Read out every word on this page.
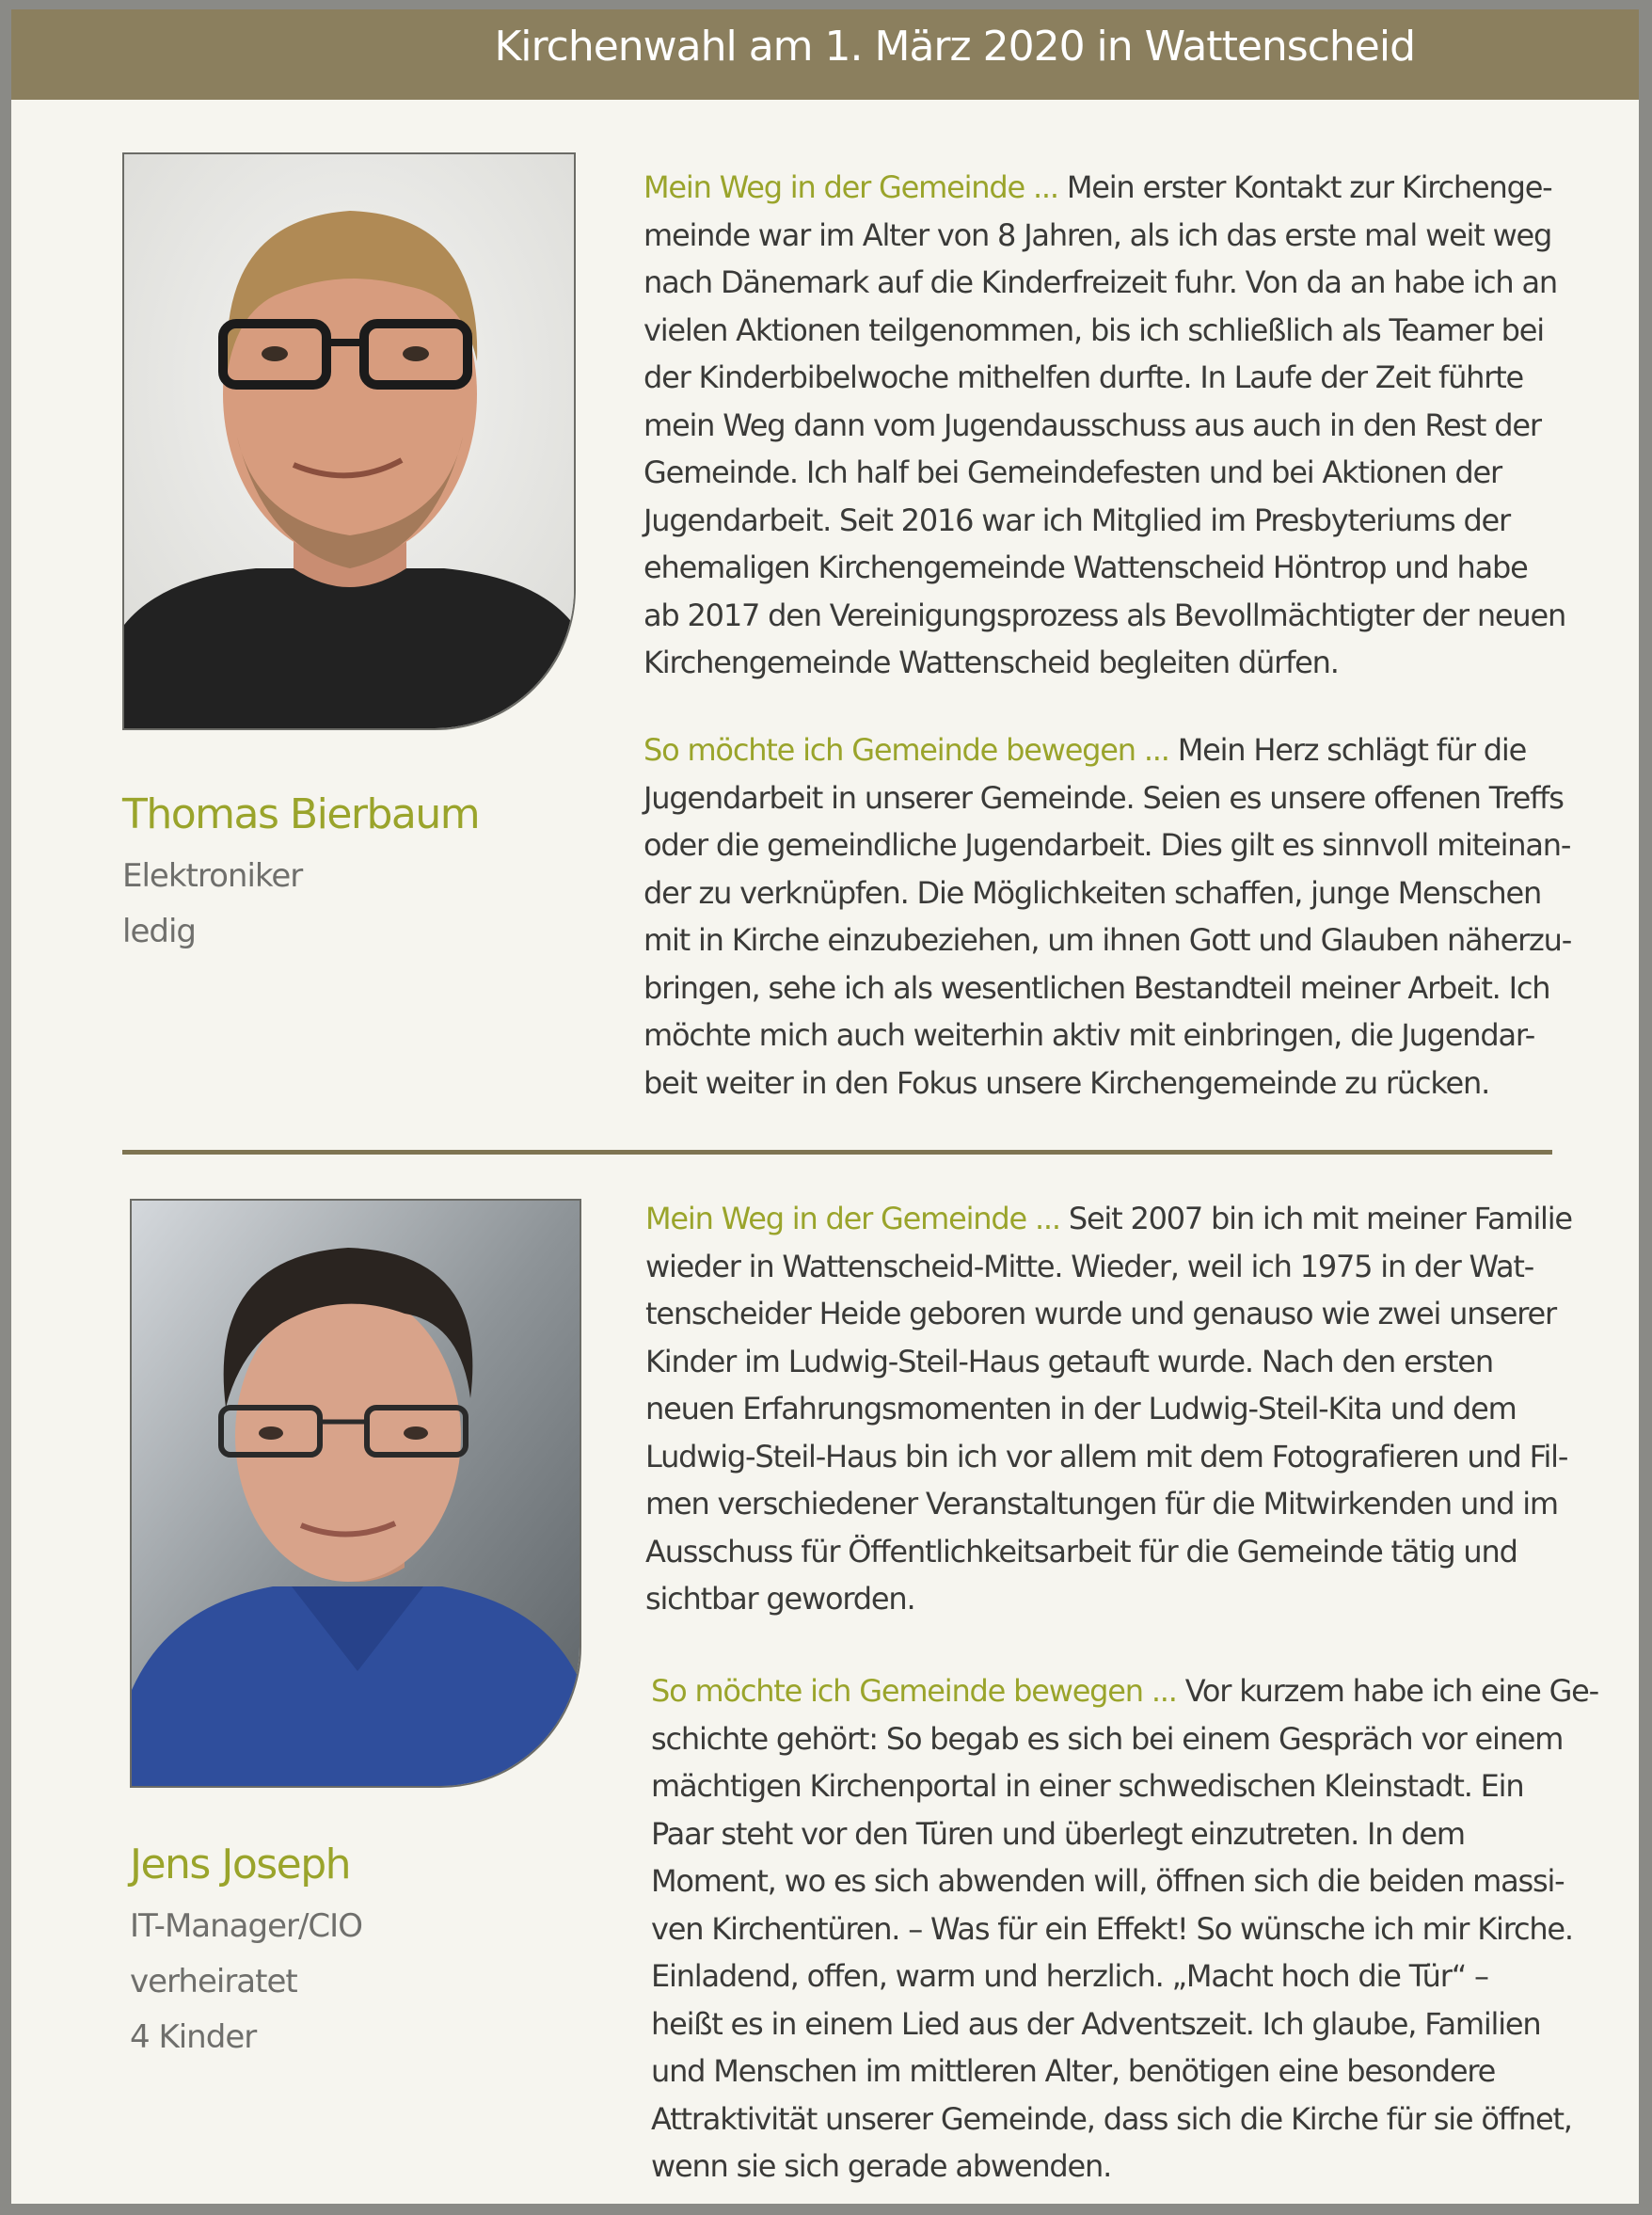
Kirchenwahl am 1. März 2020 in Wattenscheid
Thomas Bierbaum
Elektroniker
ledig
Mein Weg in der Gemeinde ... Mein erster Kontakt zur Kirchenge-
meinde war im Alter von 8 Jahren, als ich das erste mal weit weg
nach Dänemark auf die Kinderfreizeit fuhr. Von da an habe ich an
vielen Aktionen teilgenommen, bis ich schließlich als Teamer bei
der Kinderbibelwoche mithelfen durfte. In Laufe der Zeit führte
mein Weg dann vom Jugendausschuss aus auch in den Rest der
Gemeinde. Ich half bei Gemeindefesten und bei Aktionen der
Jugendarbeit. Seit 2016 war ich Mitglied im Presbyteriums der
ehemaligen Kirchengemeinde Wattenscheid Höntrop und habe
ab 2017 den Vereinigungsprozess als Bevollmächtigter der neuen
Kirchengemeinde Wattenscheid begleiten dürfen.
So möchte ich Gemeinde bewegen ... Mein Herz schlägt für die
Jugendarbeit in unserer Gemeinde. Seien es unsere offenen Treffs
oder die gemeindliche Jugendarbeit. Dies gilt es sinnvoll miteinan-
der zu verknüpfen. Die Möglichkeiten schaffen, junge Menschen
mit in Kirche einzubeziehen, um ihnen Gott und Glauben näherzu-
bringen, sehe ich als wesentlichen Bestandteil meiner Arbeit. Ich
möchte mich auch weiterhin aktiv mit einbringen, die Jugendar-
beit weiter in den Fokus unsere Kirchengemeinde zu rücken.
Jens Joseph
IT-Manager/CIO
verheiratet
4 Kinder
Mein Weg in der Gemeinde ... Seit 2007 bin ich mit meiner Familie
wieder in Wattenscheid-Mitte. Wieder, weil ich 1975 in der Wat-
tenscheider Heide geboren wurde und genauso wie zwei unserer
Kinder im Ludwig-Steil-Haus getauft wurde. Nach den ersten
neuen Erfahrungsmomenten in der Ludwig-Steil-Kita und dem
Ludwig-Steil-Haus bin ich vor allem mit dem Fotografieren und Fil-
men verschiedener Veranstaltungen für die Mitwirkenden und im
Ausschuss für Öffentlichkeitsarbeit für die Gemeinde tätig und
sichtbar geworden.
So möchte ich Gemeinde bewegen ... Vor kurzem habe ich eine Ge-
schichte gehört: So begab es sich bei einem Gespräch vor einem
mächtigen Kirchenportal in einer schwedischen Kleinstadt. Ein
Paar steht vor den Türen und überlegt einzutreten. In dem
Moment, wo es sich abwenden will, öffnen sich die beiden massi-
ven Kirchentüren. – Was für ein Effekt! So wünsche ich mir Kirche.
Einladend, offen, warm und herzlich. „Macht hoch die Tür“ –
heißt es in einem Lied aus der Adventszeit. Ich glaube, Familien
und Menschen im mittleren Alter, benötigen eine besondere
Attraktivität unserer Gemeinde, dass sich die Kirche für sie öffnet,
wenn sie sich gerade abwenden.
